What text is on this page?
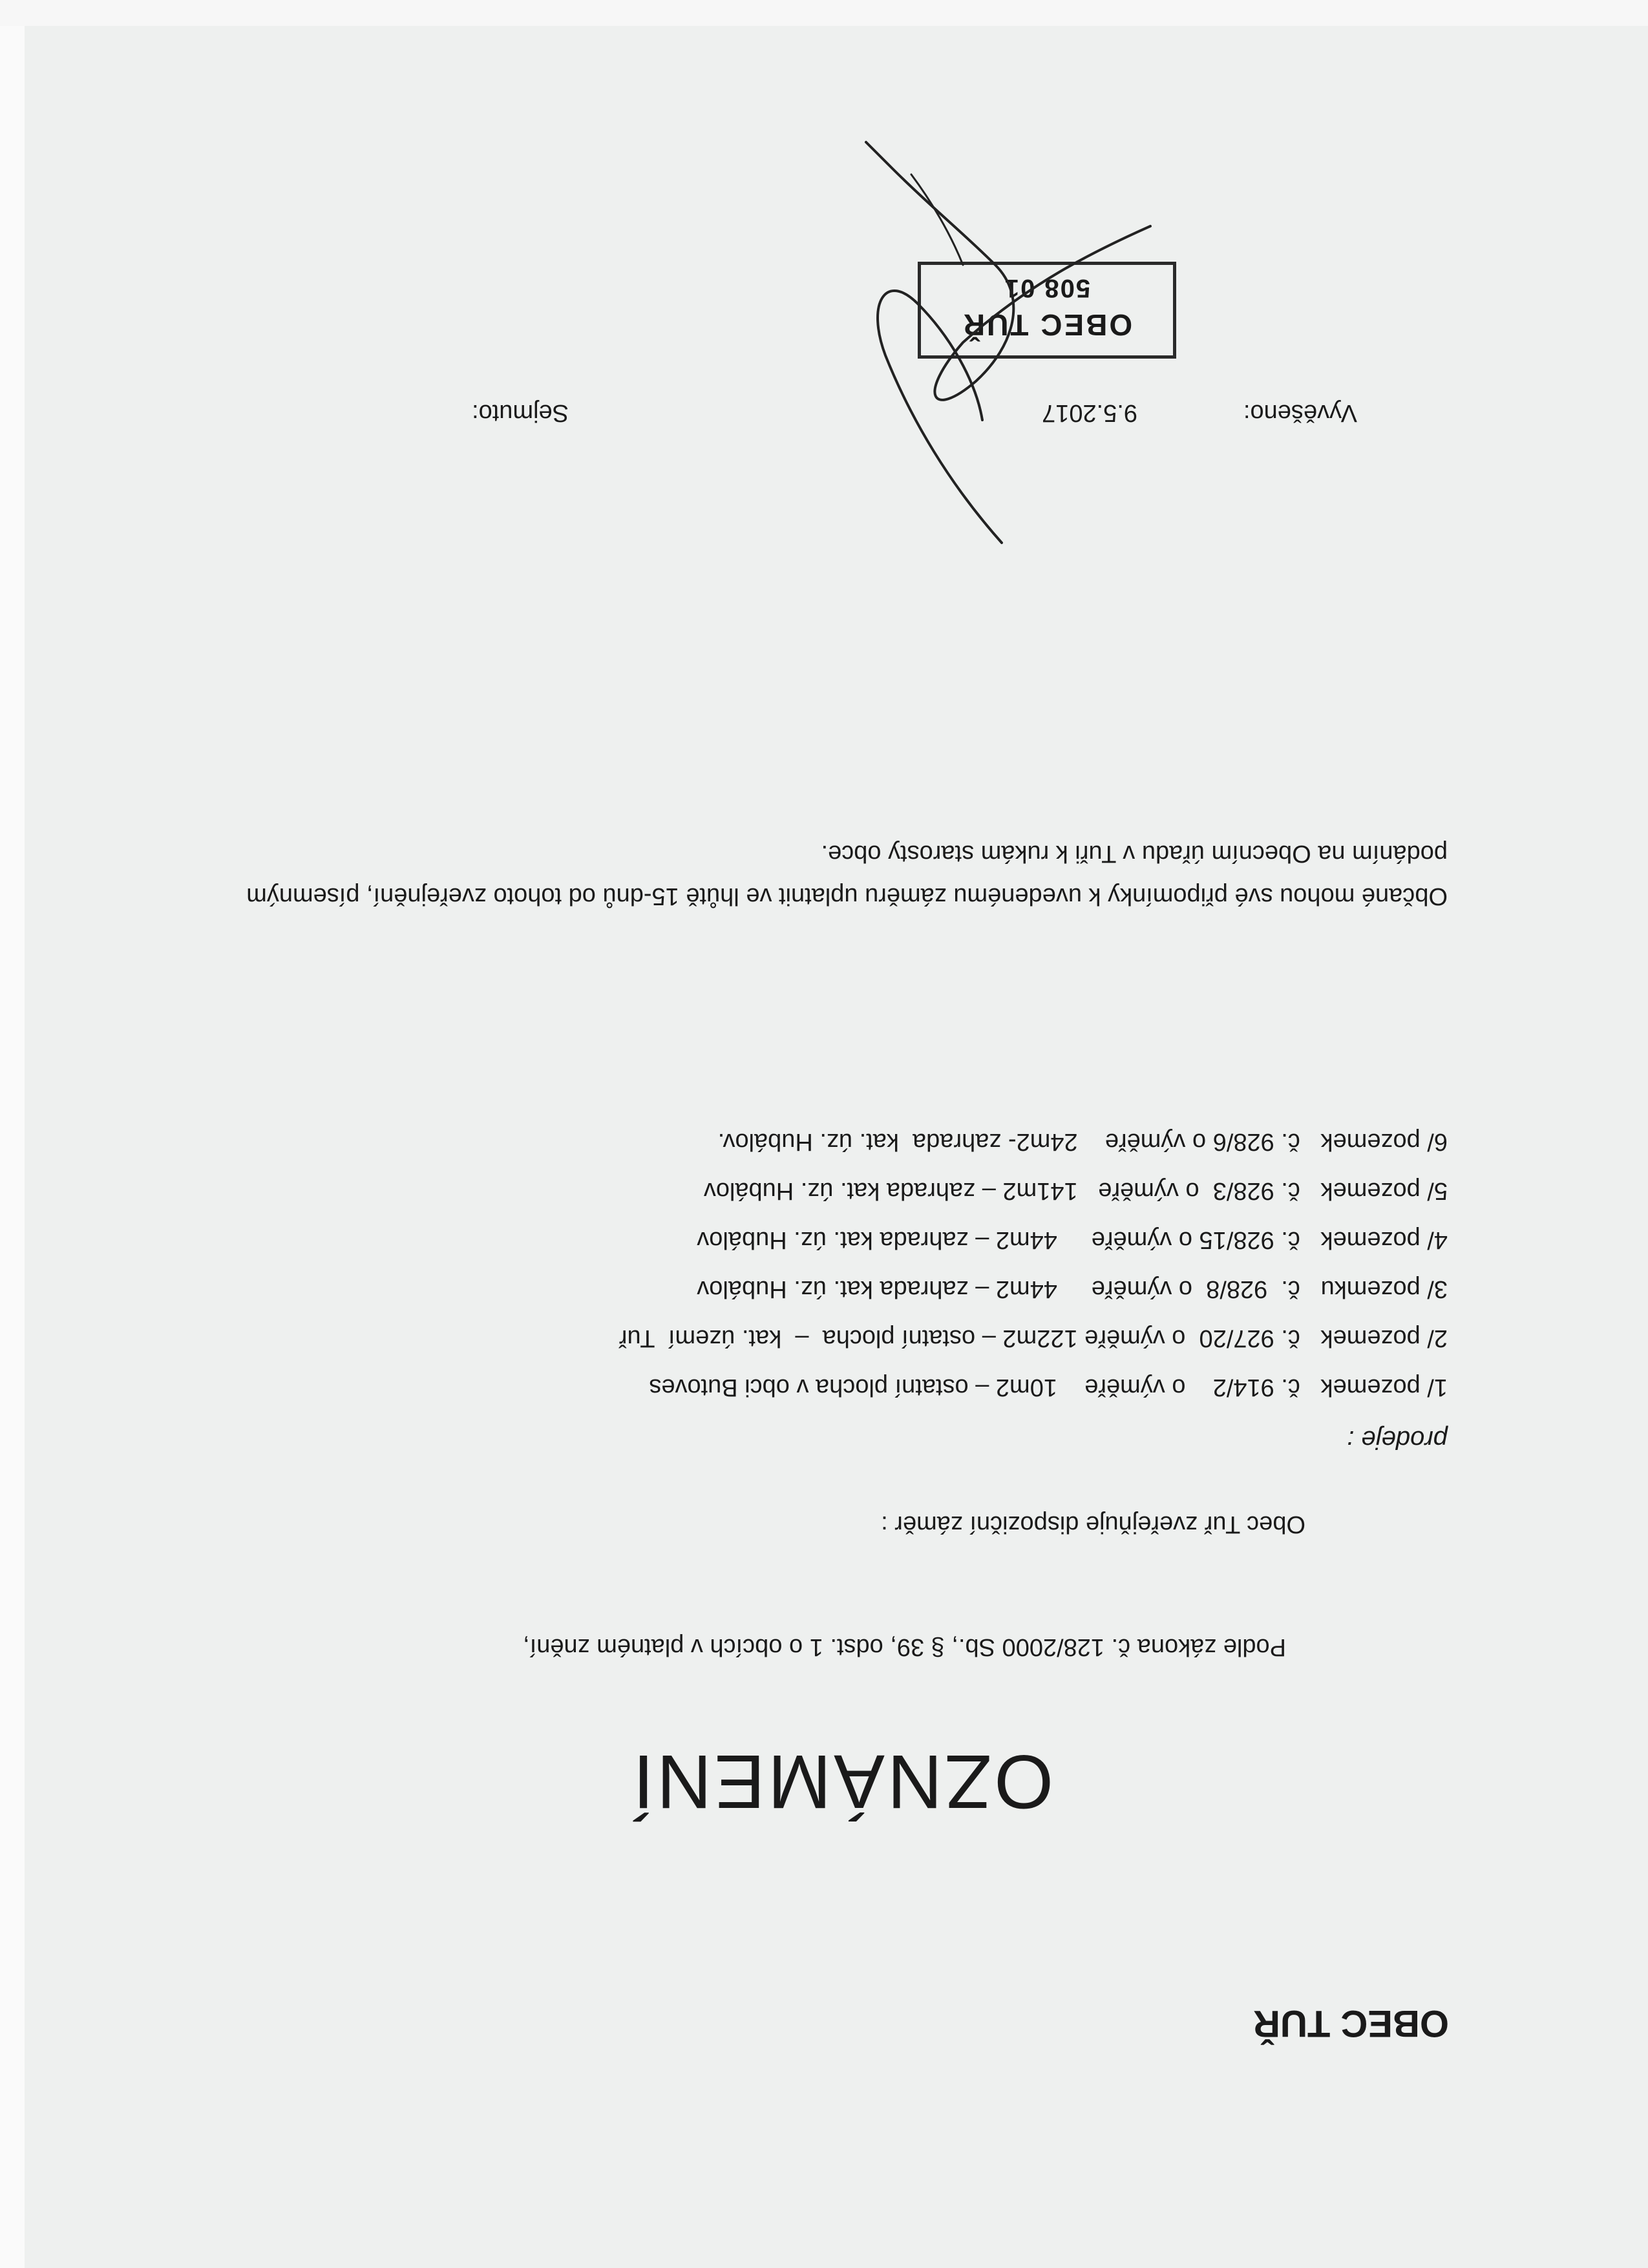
OBEC TUŘ
OZNÁMENÍ
Podle zákona č. 128/2000 Sb., § 39, odst. 1 o obcích v platném znění,
Obec Tuř zveřejňuje dispoziční záměr :
prodeje :
1/ pozemek   č. 914/2    o výměře    10m2 – ostatní plocha v obci Butoves
2/ pozemek   č. 927/20  o výměře 122m2 – ostatní plocha  –  kat. území  Tuř
3/ pozemku   č.  928/8  o výměře     44m2 – zahrada kat. úz. Hubálov
4/ pozemek   č. 928/15 o výměře     44m2 – zahrada kat. úz. Hubálov
5/ pozemek   č. 928/3  o výměře   141m2 – zahrada kat. úz. Hubálov
6/ pozemek   č. 928/6 o výměře    24m2- zahrada  kat. úz. Hubálov.
Občané mohou své připomínky k uvedenému záměru uplatnit ve lhůtě 15-dnů od tohoto zveřejnění, písemným podáním na Obecním úřadu v Tuři k rukám starosty obce.
Vyvěšeno:
9.5.2017
Sejmuto:
OBEC TUŘ
508 01
